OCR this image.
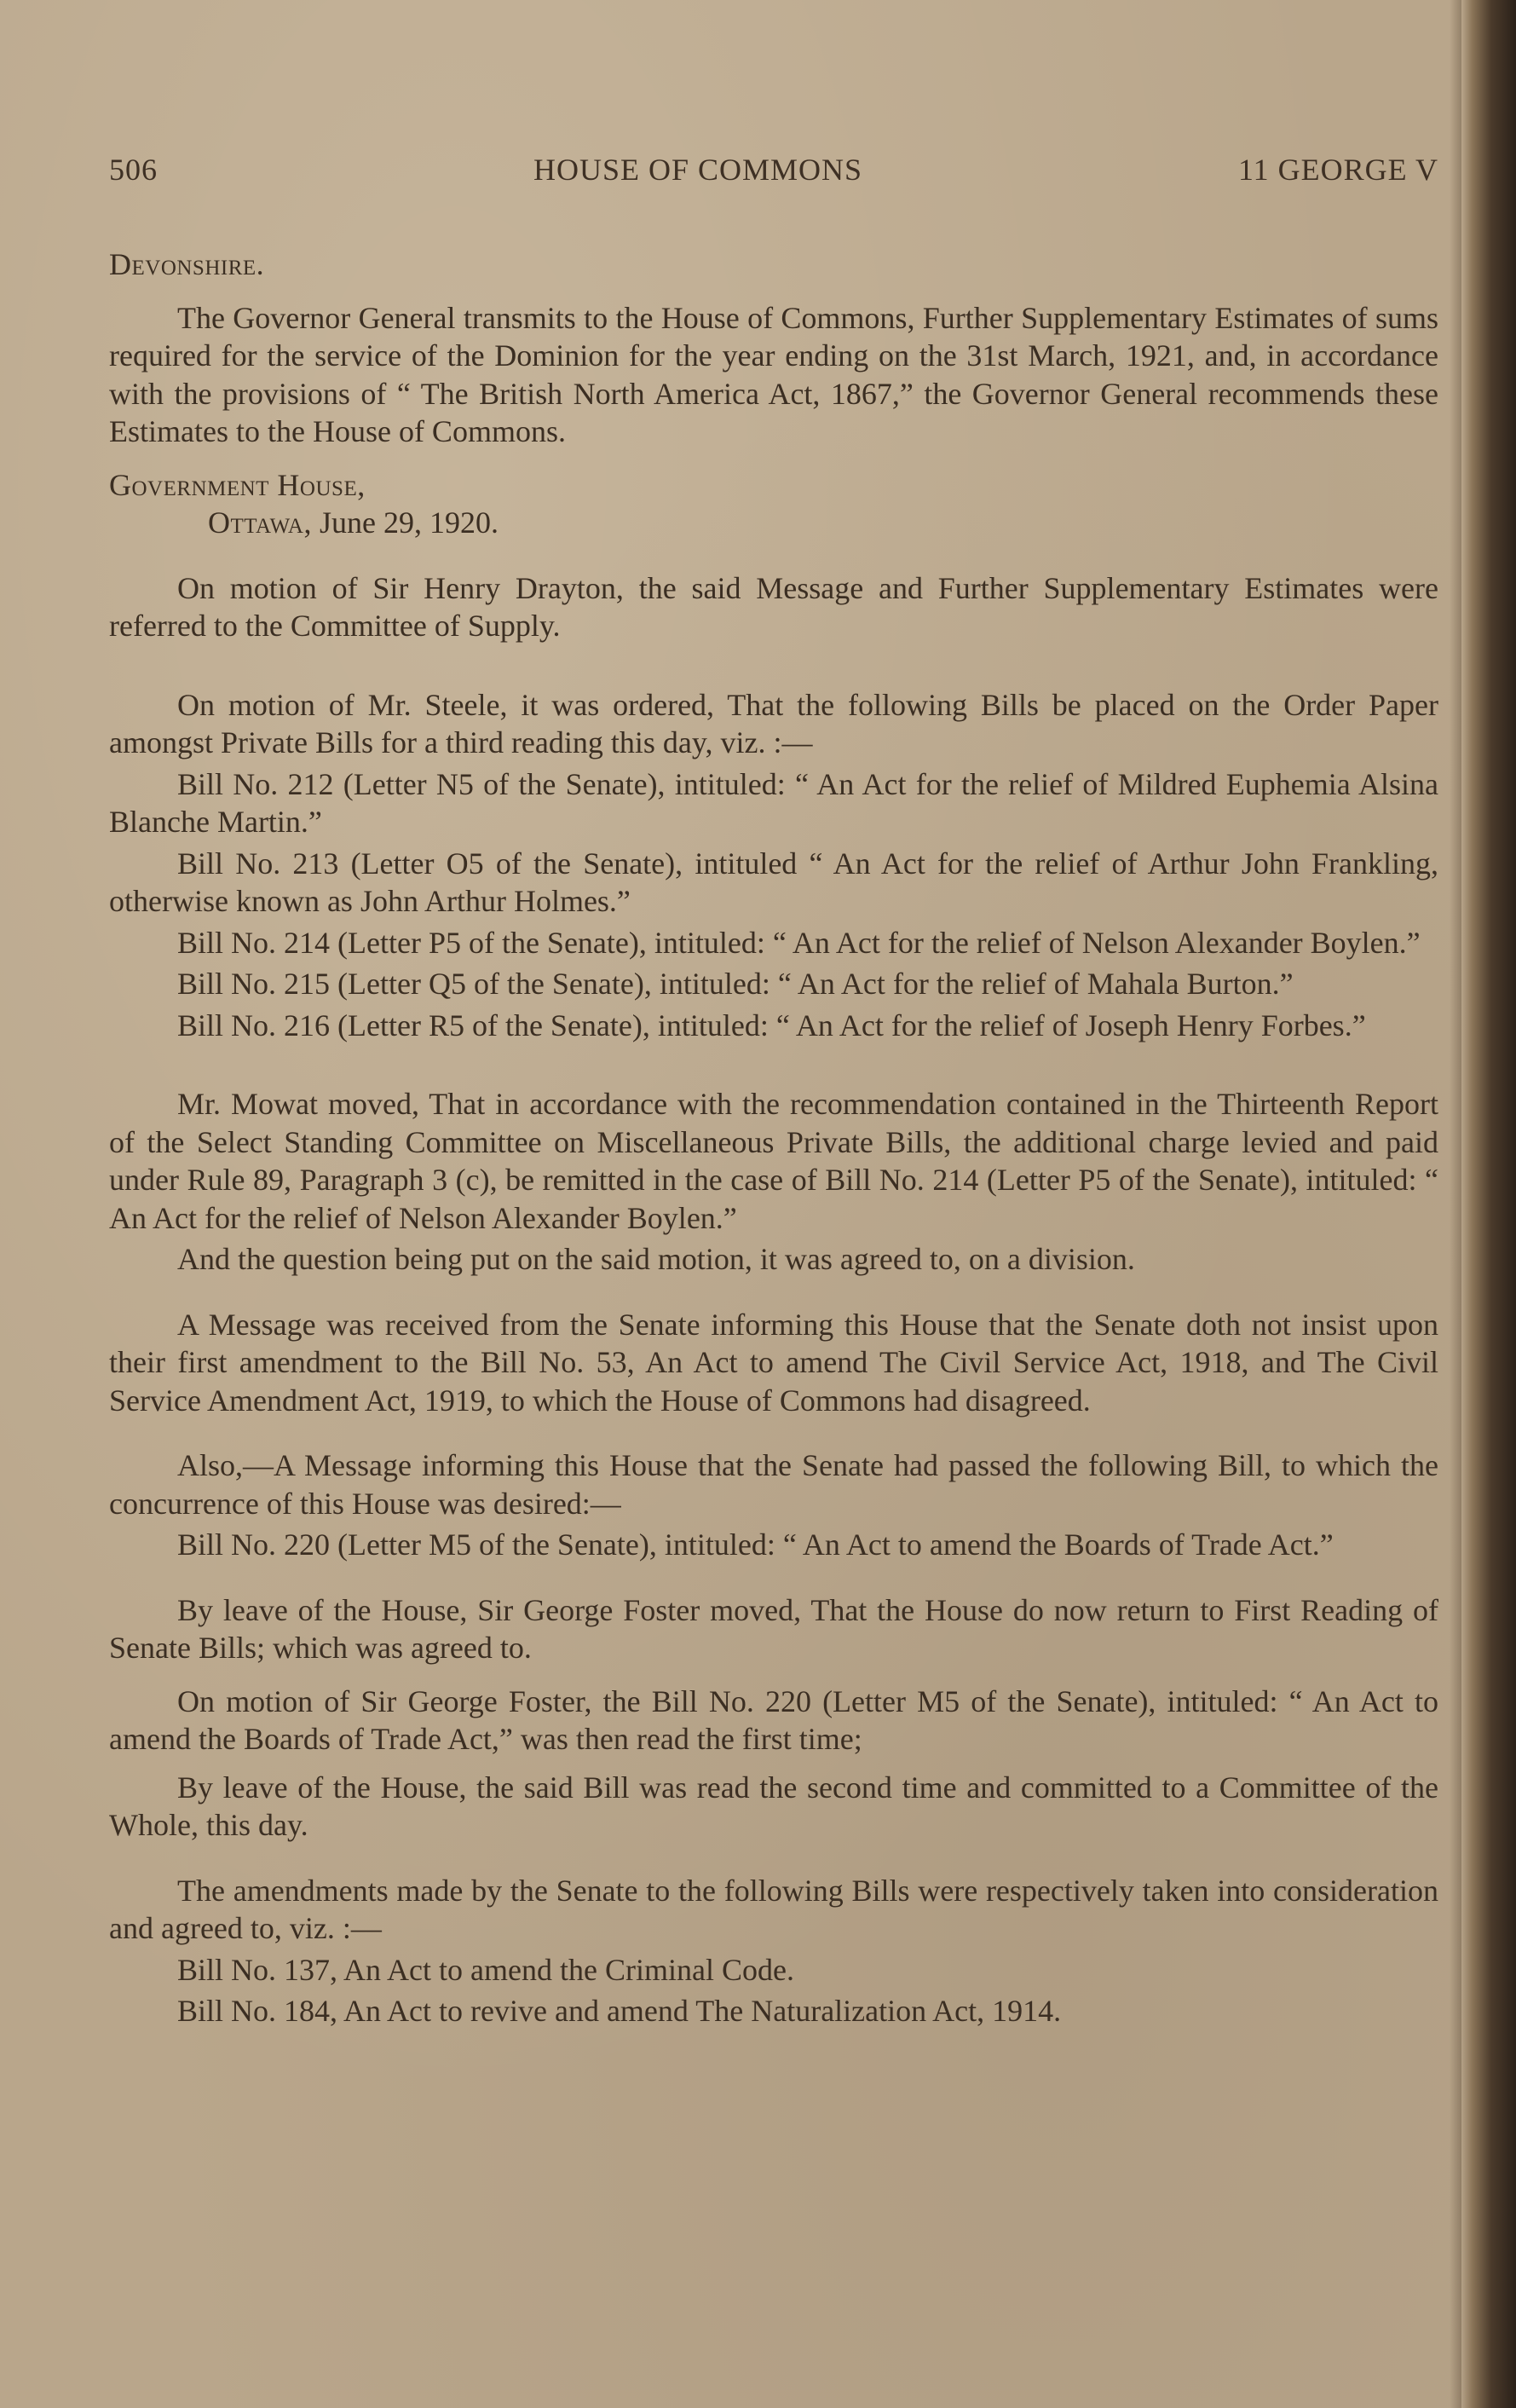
506	HOUSE OF COMMONS	11 GEORGE V

Devonshire.

The Governor General transmits to the House of Commons, Further Supplementary Estimates of sums required for the service of the Dominion for the year ending on the 31st March, 1921, and, in accordance with the provisions of “ The British North America Act, 1867,” the Governor General recommends these Estimates to the House of Commons.

Government House,

Ottawa, June 29, 1920.

On motion of Sir Henry Drayton, the said Message and Further Supplementary Estimates were referred to the Committee of Supply.

On motion of Mr. Steele, it was ordered, That the following Bills be placed on the Order Paper amongst Private Bills for a third reading this day, viz. :—

Bill No. 212 (Letter N5 of the Senate), intituled: “ An Act for the relief of Mildred Euphemia Alsina Blanche Martin.”

Bill No. 213 (Letter O5 of the Senate), intituled “ An Act for the relief of Arthur John Frankling, otherwise known as John Arthur Holmes.”

Bill No. 214 (Letter P5 of the Senate), intituled: “ An Act for the relief of Nelson Alexander Boylen.”

Bill No. 215 (Letter Q5 of the Senate), intituled: “ An Act for the relief of Mahala Burton.”

Bill No. 216 (Letter R5 of the Senate), intituled: “ An Act for the relief of Joseph Henry Forbes.”

Mr. Mowat moved, That in accordance with the recommendation contained in the Thirteenth Report of the Select Standing Committee on Miscellaneous Private Bills, the additional charge levied and paid under Rule 89, Paragraph 3 (c), be remitted in the case of Bill No. 214 (Letter P5 of the Senate), intituled: “ An Act for the relief of Nelson Alexander Boylen.”

And the question being put on the said motion, it was agreed to, on a division.

A Message was received from the Senate informing this House that the Senate doth not insist upon their first amendment to the Bill No. 53, An Act to amend The Civil Service Act, 1918, and The Civil Service Amendment Act, 1919, to which the House of Commons had disagreed.

Also,—A Message informing this House that the Senate had passed the following Bill, to which the concurrence of this House was desired:—

Bill No. 220 (Letter M5 of the Senate), intituled: “ An Act to amend the Boards of Trade Act.”

By leave of the House, Sir George Foster moved, That the House do now return to First Reading of Senate Bills; which was agreed to.

On motion of Sir George Foster, the Bill No. 220 (Letter M5 of the Senate), intituled: “ An Act to amend the Boards of Trade Act,” was then read the first time;

By leave of the House, the said Bill was read the second time and committed to a Committee of the Whole, this day.

The amendments made by the Senate to the following Bills were respectively taken into consideration and agreed to, viz. :—

Bill No. 137, An Act to amend the Criminal Code.

Bill No. 184, An Act to revive and amend The Naturalization Act, 1914.
